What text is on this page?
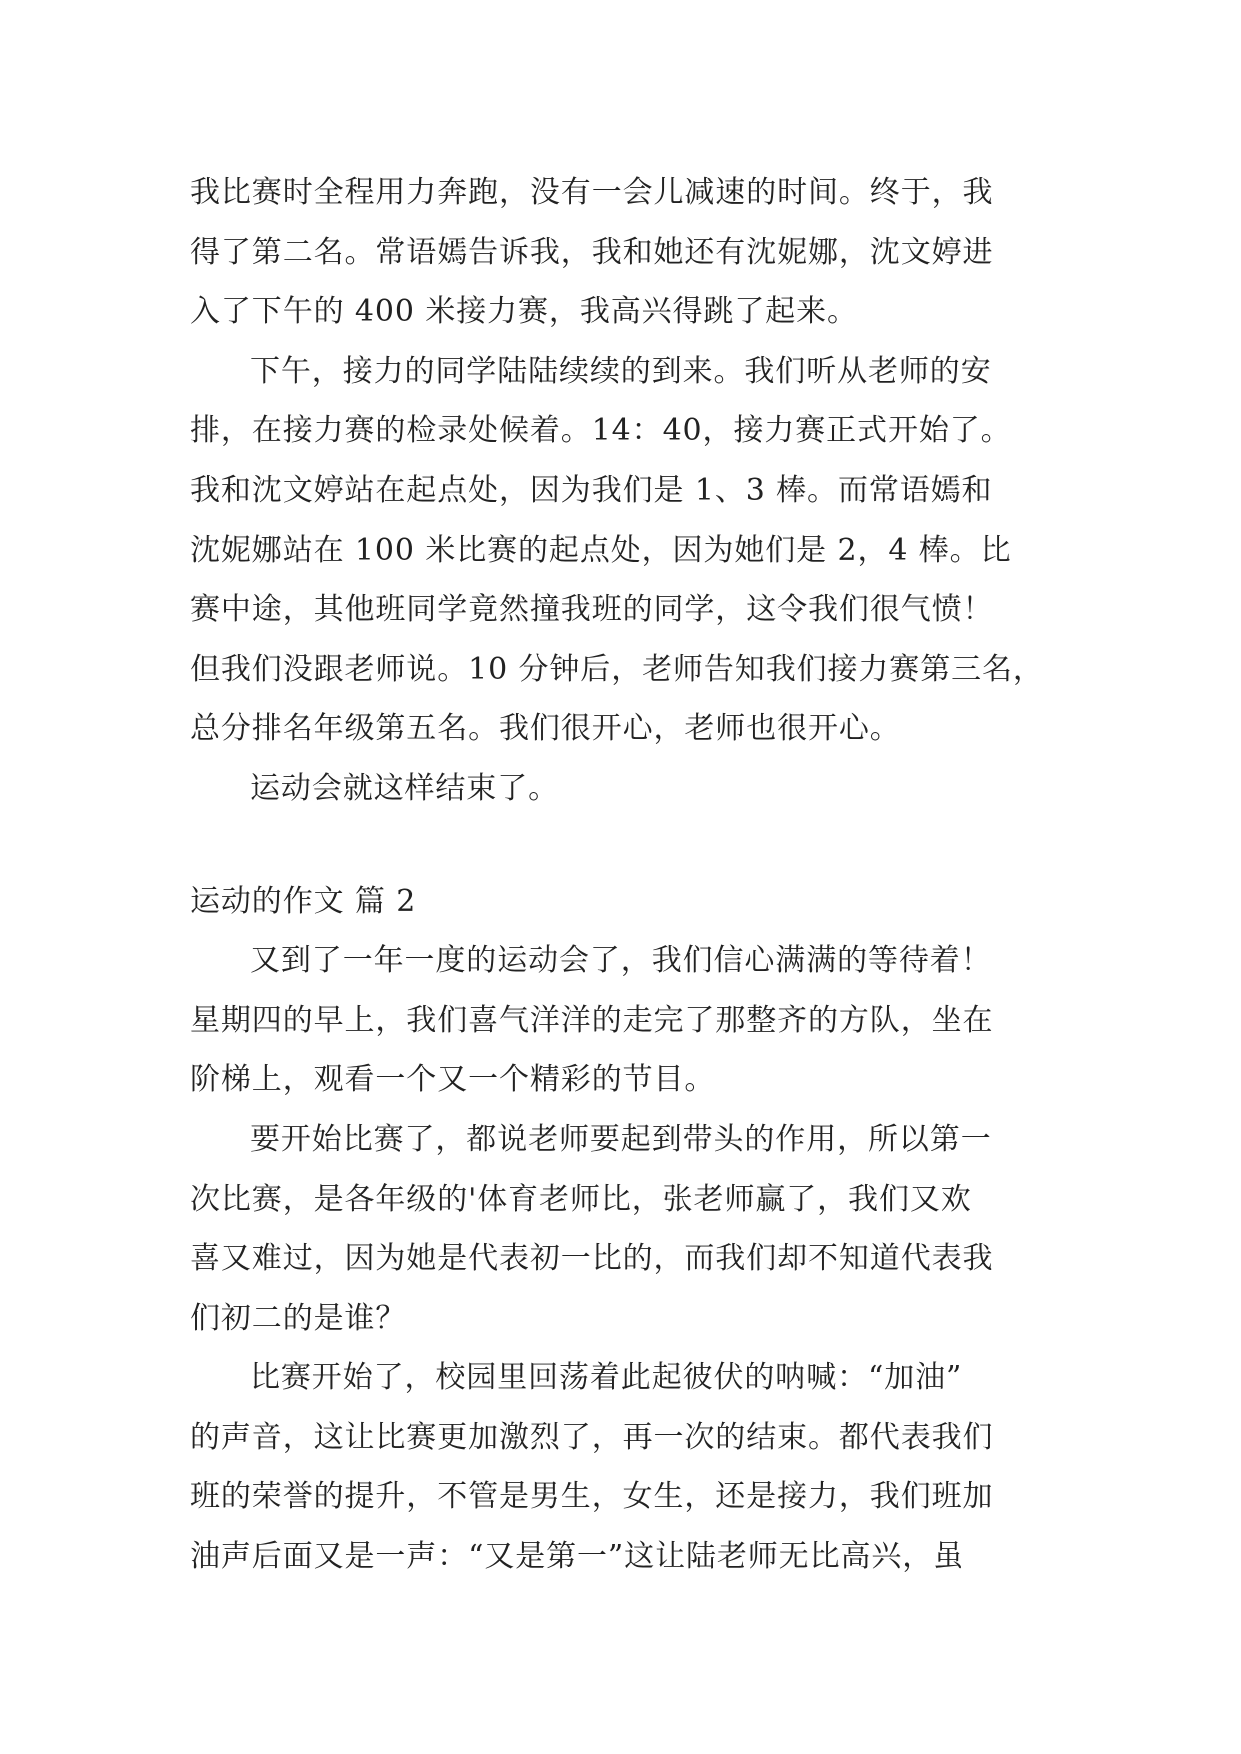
我比赛时全程用力奔跑，没有一会儿减速的时间。终于，我
得了第二名。常语嫣告诉我，我和她还有沈妮娜，沈文婷进
入了下午的 400 米接力赛，我高兴得跳了起来。
下午，接力的同学陆陆续续的到来。我们听从老师的安
排，在接力赛的检录处候着。14：40，接力赛正式开始了。
我和沈文婷站在起点处，因为我们是 1、3 棒。而常语嫣和
沈妮娜站在 100 米比赛的起点处，因为她们是 2，4 棒。比
赛中途，其他班同学竟然撞我班的同学，这令我们很气愤！
但我们没跟老师说。10 分钟后，老师告知我们接力赛第三名，
总分排名年级第五名。我们很开心，老师也很开心。
运动会就这样结束了。
运动的作文 篇 2
又到了一年一度的运动会了，我们信心满满的等待着！
星期四的早上，我们喜气洋洋的走完了那整齐的方队，坐在
阶梯上，观看一个又一个精彩的节目。
要开始比赛了，都说老师要起到带头的作用，所以第一
次比赛，是各年级的'体育老师比，张老师赢了，我们又欢
喜又难过，因为她是代表初一比的，而我们却不知道代表我
们初二的是谁？
比赛开始了，校园里回荡着此起彼伏的呐喊：“加油”
的声音，这让比赛更加激烈了，再一次的结束。都代表我们
班的荣誉的提升，不管是男生，女生，还是接力，我们班加
油声后面又是一声：“又是第一”这让陆老师无比高兴，虽
